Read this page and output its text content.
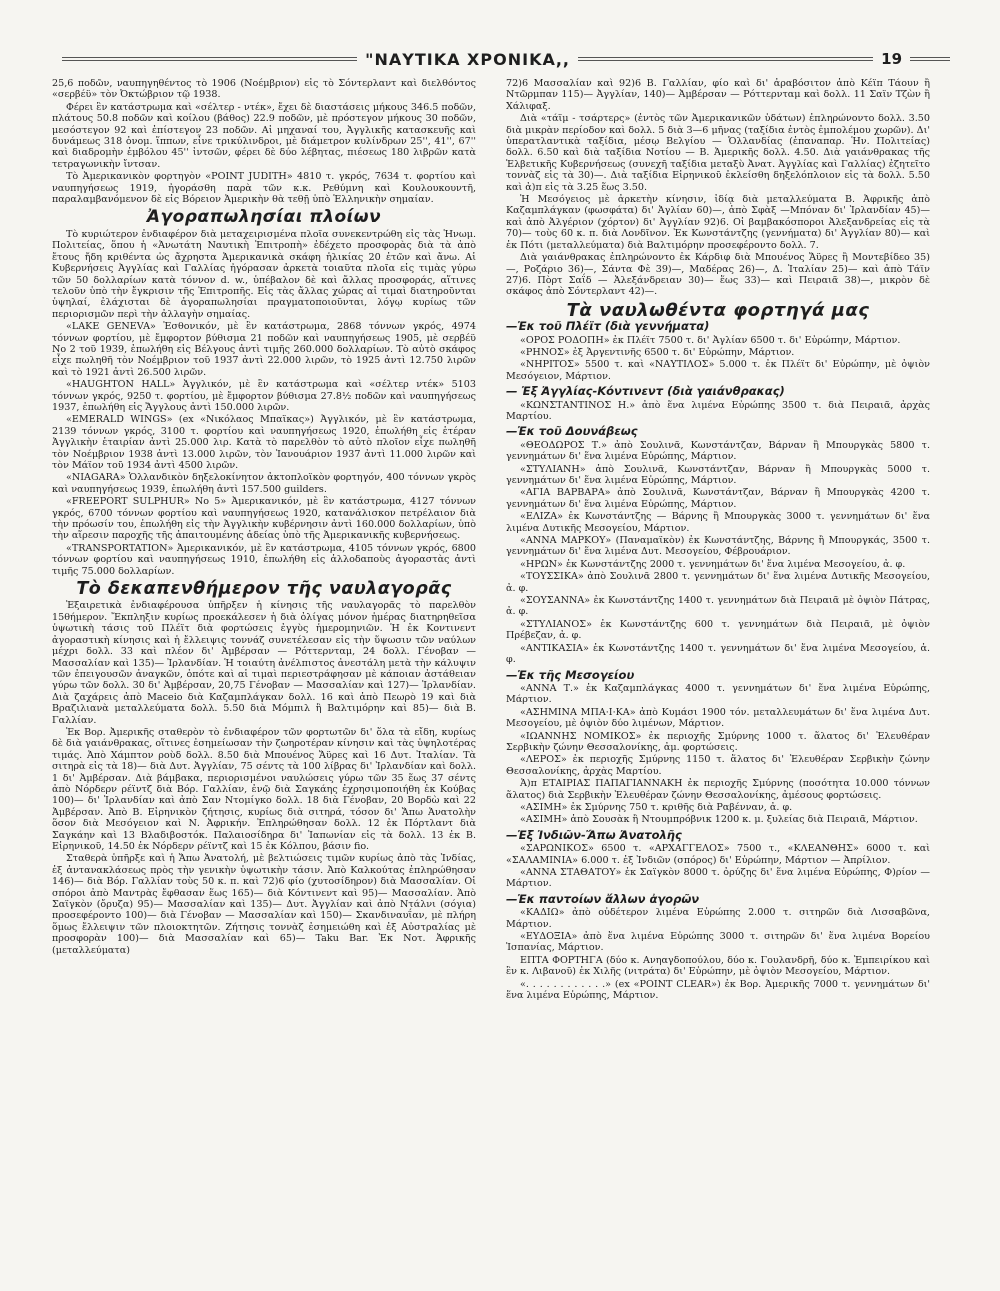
"ΝΑΥΤΙΚΑ ΧΡΟΝΙΚΑ,,	19

25,6 ποδῶν, ναυπηγηθέντος τὸ 1906 (Νοέμβριον) εἰς τὸ Σόντερλαντ καὶ διελθόντος «σερβέϋ» τὸν Ὀκτώβριον τῷ 1938.

Φέρει ἓν κατάστρωμα καὶ «σέλτερ - ντέκ», ἔχει δὲ διαστάσεις μήκους 346.5 ποδῶν, πλάτους 50.8 ποδῶν καὶ κοίλου (βάθος) 22.9 ποδῶν, μὲ πρόστεγον μήκους 30 ποδῶν, μεσόστεγον 92 καὶ ἐπίστεγον 23 ποδῶν. Αἱ μηχαναί του, Ἀγγλικῆς κατασκευῆς καὶ δυνάμεως 318 ὀνομ. ἵππων, εἶνε τρικύλινδροι, μὲ διάμετρον κυλίνδρων 25'', 41'', 67'' καὶ διαδρομὴν ἐμβόλου 45'' ἰντσῶν, φέρει δὲ δύο λέβητας, πιέσεως 180 λιβρῶν κατὰ τετραγωνικὴν ἴντσαν.

Τὸ Ἀμερικανικὸν φορτηγὸν «POINT JUDITH» 4810 τ. γκρός, 7634 τ. φορτίου καὶ ναυπηγήσεως 1919, ἠγοράσθη παρὰ τῶν κ.κ. Ρεθύμνη καὶ Κουλουκουντῆ, παραλαμβανόμενον δὲ εἰς Βόρειον Ἀμερικὴν θὰ τεθῇ ὑπὸ Ἑλληνικὴν σημαίαν.

Ἀγοραπωλησίαι πλοίων

Τὸ κυριώτερον ἐνδιαφέρον διὰ μεταχειρισμένα πλοῖα συνεκεντρώθη εἰς τὰς Ἡνωμ. Πολιτείας, ὅπου ἡ «Ἀνωτάτη Ναυτικὴ Ἐπιτροπὴ» ἐδέχετο προσφορὰς διὰ τὰ ἀπὸ ἔτους ἤδη κριθέντα ὡς ἄχρηστα Ἀμερικανικὰ σκάφη ἡλικίας 20 ἐτῶν καὶ ἄνω. Αἱ Κυβερνήσεις Ἀγγλίας καὶ Γαλλίας ἠγόρασαν ἀρκετὰ τοιαῦτα πλοῖα εἰς τιμὰς γύρω τῶν 50 δολλαρίων κατὰ τόννον d. w., ὑπέβαλον δὲ καὶ ἄλλας προσφοράς, αἵτινες τελοῦν ὑπὸ τὴν ἔγκρισιν τῆς Ἐπιτροπῆς. Εἰς τὰς ἄλλας χώρας αἱ τιμαὶ διατηροῦνται ὑψηλαί, ἐλάχισται δὲ ἀγοραπωλησίαι πραγματοποιοῦνται, λόγῳ κυρίως τῶν περιορισμῶν περὶ τὴν ἀλλαγὴν σημαίας.

«LAKE GENEVA» Ἐσθονικόν, μὲ ἓν κατάστρωμα, 2868 τόννων γκρός, 4974 τόννων φορτίου, μὲ ἔμφορτον βύθισμα 21 ποδῶν καὶ ναυπηγήσεως 1905, μὲ σερβέϋ Νο 2 τοῦ 1939, ἐπωλήθη εἰς Βέλγους ἀντὶ τιμῆς 260.000 δολλαρίων. Τὸ αὐτὸ σκάφος εἶχε πωληθῆ τὸν Νοέμβριον τοῦ 1937 ἀντὶ 22.000 λιρῶν, τὸ 1925 ἀντὶ 12.750 λιρῶν καὶ τὸ 1921 ἀντὶ 26.500 λιρῶν.

«HAUGHTON HALL» Ἀγγλικόν, μὲ ἓν κατάστρωμα καὶ «σέλτερ ντέκ» 5103 τόννων γκρός, 9250 τ. φορτίου, μὲ ἔμφορτον βύθισμα 27.8½ ποδῶν καὶ ναυπηγήσεως 1937, ἐπωλήθη εἰς Ἄγγλους ἀντὶ 150.000 λιρῶν.

«EMERALD WINGS» (ex «Νικόλαος Μπαϊκας») Ἀγγλικόν, μὲ ἓν κατάστρωμα, 2139 τόννων γκρός, 3100 τ. φορτίου καὶ ναυπηγήσεως 1920, ἐπωλήθη εἰς ἑτέραν Ἀγγλικὴν ἑταιρίαν ἀντὶ 25.000 λιρ. Κατὰ τὸ παρελθὸν τὸ αὐτὸ πλοῖον εἶχε πωληθῆ τὸν Νοέμβριον 1938 ἀντὶ 13.000 λιρῶν, τὸν Ἰανουάριον 1937 ἀντὶ 11.000 λιρῶν καὶ τὸν Μάϊον τοῦ 1934 ἀντὶ 4500 λιρῶν.

«NIAGARA» Ὁλλανδικὸν δηξελοκίνητον ἀκτοπλοϊκὸν φορτηγόν, 400 τόννων γκρὸς καὶ ναυπηγήσεως 1939, ἐπωλήθη ἀντὶ 157.500 guilders.

«FREEPORT SULPHUR» Νο 5» Ἀμερικανικόν, μὲ ἓν κατάστρωμα, 4127 τόννων γκρός, 6700 τόννων φορτίου καὶ ναυπηγήσεως 1920, κατανάλισκον πετρέλαιον διὰ τὴν πρόωσίν του, ἐπωλήθη εἰς τὴν Ἀγγλικὴν κυβέρνησιν ἀντὶ 160.000 δολλαρίων, ὑπὸ τὴν αἵρεσιν παροχῆς τῆς ἀπαιτουμένης ἀδείας ὑπὸ τῆς Ἀμερικανικῆς κυβερνήσεως.

«TRANSPORTATION» Ἀμερικανικόν, μὲ ἓν κατάστρωμα, 4105 τόννων γκρός, 6800 τόννων φορτίου καὶ ναυπηγήσεως 1910, ἐπωλήθη εἰς ἀλλοδαποὺς ἀγοραστὰς ἀντὶ τιμῆς 75.000 δολλαρίων.

Τὸ δεκαπενθήμερον τῆς ναυλαγορᾶς

Ἐξαιρετικὰ ἐνδιαφέρουσα ὑπῆρξεν ἡ κίνησις τῆς ναυλαγορᾶς τὸ παρελθὸν 15θήμερον. Ἔκπληξιν κυρίως προεκάλεσεν ἡ διὰ ὀλίγας μόνον ἡμέρας διατηρηθεῖσα ὑψωτικὴ τάσις τοῦ Πλέϊτ διὰ φορτώσεις ἐγγὺς ἡμερομηνιῶν. Ἡ ἐκ Κοντινεντ ἀγοραστικὴ κίνησις καὶ ἡ ἔλλειψις τοννάζ συνετέλεσαν εἰς τὴν ὕψωσιν τῶν ναύλων μέχρι δολλ. 33 καὶ πλέον δι' Ἀμβέρσαν — Ρόττερνταμ, 24 δολλ. Γένοβαν — Μασσαλίαν καὶ 135)— Ἰρλανδίαν. Ἡ τοιαύτη ἀνέλπιστος ἀνεστάλη μετὰ τὴν κάλυψιν τῶν ἐπειγουσῶν ἀναγκῶν, ὁπότε καὶ αἱ τιμαὶ περιεστράφησαν μὲ κάποιαν ἀστάθειαν γύρω τῶν δολλ. 30 δι' Ἀμβέρσαν, 20,75 Γένοβαν — Μασσαλίαν καὶ 127)— Ἰρλανδίαν. Διὰ ζαχάρεις ἀπὸ Maceio διὰ Καζαμπλάγκαν δολλ. 16 καὶ ἀπὸ Πεωρὸ 19 καὶ διὰ Βραζιλιανὰ μεταλλεύματα δολλ. 5.50 διὰ Μόμπιλ ἢ Βαλτιμόρην καὶ 85)— διὰ Β. Γαλλίαν.

Ἐκ Βορ. Ἀμερικῆς σταθερὸν τὸ ἐνδιαφέρον τῶν φορτωτῶν δι' ὅλα τὰ εἴδη, κυρίως δὲ διὰ γαιάνθρακας, οἵτινες ἐσημείωσαν τὴν ζωηροτέραν κίνησιν καὶ τὰς ὑψηλοτέρας τιμάς. Ἀπὸ Χάμπτον ροὺδ δολλ. 8.50 διὰ Μπουένος Ἄϋρες καὶ 16 Δυτ. Ἰταλίαν. Τὰ σιτηρὰ εἰς τὰ 18)— διὰ Δυτ. Ἀγγλίαν, 75 σέντς τὰ 100 λίβρας δι' Ἰρλανδίαν καὶ δολλ. 1 δι' Ἀμβέρσαν. Διὰ βάμβακα, περιορισμένοι ναυλώσεις γύρω τῶν 35 ἕως 37 σέντς ἀπὸ Νόρδερν ρέϊντζ διὰ Βόρ. Γαλλίαν, ἐνῷ διὰ Σαγκάης ἐχρησιμοποιήθη ἐκ Κούβας 100)— δι' Ἰρλανδίαν καὶ ἀπὸ Σαν Ντομίγκο δολλ. 18 διὰ Γένοβαν, 20 Βορδὼ καὶ 22 Ἀμβέρσαν. Ἀπὸ Β. Εἰρηνικὸν ζήτησις, κυρίως διὰ σιτηρά, τόσον δι' Ἄπω Ἀνατολὴν ὅσον διὰ Μεσόγειον καὶ Ν. Ἀφρικήν. Ἐπληρώθησαν δολλ. 12 ἐκ Πόρτλαντ διὰ Σαγκάην καὶ 13 Βλαδιβοστόκ. Παλαιοσίδηρα δι' Ἰαπωνίαν εἰς τὰ δολλ. 13 ἐκ Β. Εἰρηνικοῦ, 14.50 ἐκ Νόρδερν ρέϊντζ καὶ 15 ἐκ Κόλπου, βάσιν fio.

Σταθερὰ ὑπῆρξε καὶ ἡ Ἄπω Ἀνατολή, μὲ βελτιώσεις τιμῶν κυρίως ἀπὸ τὰς Ἰνδίας, ἐξ ἀντανακλάσεως πρὸς τὴν γενικὴν ὑψωτικὴν τάσιν. Ἀπὸ Καλκούτας ἐπληρώθησαν 146)— διὰ Βόρ. Γαλλίαν τοὺς 50 κ. π. καὶ 72)6 φίο (χυτοσίδηρον) διὰ Μασσαλίαν. Οἱ σπόροι ἀπὸ Μαντρὰς ἔφθασαν ἕως 165)— διὰ Κόντινεντ καὶ 95)— Μασσαλίαν. Ἀπὸ Σαϊγκὸν (ὄρυζα) 95)— Μασσαλίαν καὶ 135)— Δυτ. Ἀγγλίαν καὶ ἀπὸ Ντάλνι (σόγια) προσεφέροντο 100)— διὰ Γένοβαν — Μασσαλίαν καὶ 150)— Σκανδιναυΐαν, μὲ πλήρη ὅμως ἔλλειψιν τῶν πλοιοκτητῶν. Ζήτησις τοννὰζ ἐσημειώθη καὶ ἐξ Αὐστραλίας μὲ προσφορὰν 100)— διὰ Μασσαλίαν καὶ 65)— Taku Bar. Ἐκ Νοτ. Ἀφρικῆς (μεταλλεύματα)

72)6 Μασσαλίαν καὶ 92)6 Β. Γαλλίαν, φίο καὶ δι' ἀραβόσιτον ἀπὸ Κέϊπ Τάουν ἢ Ντῶρμπαν 115)— Ἀγγλίαν, 140)— Ἀμβέρσαν — Ρόττερνταμ καὶ δολλ. 11 Σαϊν Τζὼν ἢ Χάλιφαξ.

Διὰ «τάϊμ - τσάρτερς» (ἐντὸς τῶν Ἀμερικανικῶν ὑδάτων) ἐπληρώνοντο δολλ. 3.50 διὰ μικρὰν περίοδον καὶ δολλ. 5 διὰ 3—6 μῆνας (ταξίδια ἐντὸς ἐμπολέμου χωρῶν). Δι' ὑπερατλαντικὰ ταξίδια, μέσῳ Βελγίου — Ὁλλανδίας (ἐπαναπαρ. Ἡν. Πολιτείας) δολλ. 6.50 καὶ διὰ ταξίδια Νοτίου — Β. Ἀμερικῆς δολλ. 4.50. Διὰ γαιάνθρακας τῆς Ἑλβετικῆς Κυβερνήσεως (συνεχῆ ταξίδια μεταξὺ Ἀνατ. Ἀγγλίας καὶ Γαλλίας) ἐζητεῖτο τοννὰζ εἰς τὰ 30)—. Διὰ ταξίδια Εἰρηνικοῦ ἐκλείσθη δηξελόπλοιον εἰς τὰ δολλ. 5.50 καὶ ἀ)π εἰς τὰ 3.25 ἕως 3.50.

Ἡ Μεσόγειος μὲ ἀρκετὴν κίνησιν, ἰδίᾳ διὰ μεταλλεύματα Β. Ἀφρικῆς ἀπὸ Καζαμπλάγκαν (φωσφάτα) δι' Ἀγλίαν 60)—, ἀπὸ Σφὰξ —Μπόναν δι' Ἰρλανδίαν 45)— καὶ ἀπὸ Ἀλγέριον (χόρτον) δι' Ἀγγλίαν 92)6. Οἱ βαμβακόσποροι Ἀλεξανδρείας εἰς τὰ 70)— τοὺς 60 κ. π. διὰ Λονδῖνον. Ἐκ Κωνστάντζης (γεννήματα) δι' Ἀγγλίαν 80)— καὶ ἐκ Πότι (μεταλλεύματα) διὰ Βαλτιμόρην προσεφέροντο δολλ. 7.

Διὰ γαιάνθρακας ἐπληρώνοντο ἐκ Κάρδιφ διὰ Μπουένος Ἄϋρες ἢ Μοντεβίδεο 35)—, Ροζάριο 36)—, Σάντα Φὲ 39)—, Μαδέρας 26)—, Δ. Ἰταλίαν 25)— καὶ ἀπὸ Τάϊν 27)6. Πὸρτ Σαΐδ — Ἀλεξάνδρειαν 30)— ἕως 33)— καὶ Πειραιᾶ 38)—, μικρὸν δὲ σκάφος ἀπὸ Σόντερλαντ 42)—.

Τὰ ναυλωθέντα φορτηγά μας
—Ἐκ τοῦ Πλέϊτ (διὰ γεννήματα)

«ΟΡΟΣ ΡΟΔΟΠΗ» ἐκ Πλέϊτ 7500 τ. δι' Ἀγλίαν 6500 τ. δι' Εὐρώπην, Μάρτιον.

«ΡΗΝΟΣ» ἐξ Ἀργεντινῆς 6500 τ. δι' Εὐρώπην, Μάρτιον.

«ΝΗΡΙΤΟΣ» 5500 τ. καὶ «ΝΑΥΤΙΛΟΣ» 5.000 τ. ἐκ Πλέϊτ δι' Εὐρώπην, μὲ ὀψιὸν Μεσόγειον, Μάρτιον.

— Ἐξ Ἀγγλίας-Κόντινεντ (διὰ γαιάνθρακας)

«ΚΩΝΣΤΑΝΤΙΝΟΣ Η.» ἀπὸ ἕνα λιμένα Εὐρώπης 3500 τ. διὰ Πειραιᾶ, ἀρχὰς Μαρτίου.

—Ἐκ τοῦ Δουνάβεως

«ΘΕΟΔΩΡΟΣ Τ.» ἀπὸ Σουλινᾶ, Κωνστάντζαν, Βάρναν ἢ Μπουργκὰς 5800 τ. γεννημάτων δι' ἕνα λιμένα Εὐρώπης, Μάρτιον.

«ΣΤΥΛΙΑΝΗ» ἀπὸ Σουλινᾶ, Κωνστάντζαν, Βάρναν ἢ Μπουργκὰς 5000 τ. γεννημάτων δι' ἕνα λιμένα Εὐρώπης, Μάρτιον.

«ΑΓΙΑ ΒΑΡΒΑΡΑ» ἀπὸ Σουλινᾶ, Κωνστάντζαν, Βάρναν ἢ Μπουργκὰς 4200 τ. γεννημάτων δι' ἕνα λιμένα Εὐρώπης, Μάρτιον.

«ΕΛΙΖΑ» ἐκ Κωνστάντζης — Βάρνης ἢ Μπουργκὰς 3000 τ. γεννημάτων δι' ἕνα λιμένα Δυτικῆς Μεσογείου, Μάρτιον.

«ΑΝΝΑ ΜΑΡΚΟΥ» (Παναμαϊκὸν) ἐκ Κωνστάντζης, Βάρνης ἢ Μπουργκάς, 3500 τ. γεννημάτων δι' ἕνα λιμένα Δυτ. Μεσογείου, Φέβρουάριον.

«ΗΡΩΝ» ἐκ Κωνστάντζης 2000 τ. γεννημάτων δι' ἕνα λιμένα Μεσογείου, ἀ. φ.

«ΤΟΥΣΣΙΚΑ» ἀπὸ Σουλινᾶ 2800 τ. γεννημάτων δι' ἕνα λιμένα Δυτικῆς Μεσογείου, ἀ. φ.

«ΣΟΥΣΑΝΝΑ» ἐκ Κωνστάντζης 1400 τ. γεννημάτων διὰ Πειραιᾶ μὲ ὀψιὸν Πάτρας, ἀ. φ.

«ΣΤΥΛΙΑΝΟΣ» ἐκ Κωνστάντζης 600 τ. γεννημάτων διὰ Πειραιᾶ, μὲ ὀψιὸν Πρέβεζαν, ἀ. φ.

«ΑΝΤΙΚΑΣΙΑ» ἐκ Κωνστάντζης 1400 τ. γεννημάτων δι' ἕνα λιμένα Μεσογείου, ἀ. φ.

—Ἐκ τῆς Μεσογείου

«ΑΝΝΑ Τ.» ἐκ Καζαμπλάγκας 4000 τ. γεννημάτων δι' ἕνα λιμένα Εὐρώπης, Μάρτιον.

«ΑΣΗΜΙΝΑ ΜΠΑ·Ι·ΚΑ» ἀπὸ Κυμάσι 1900 τόν. μεταλλευμάτων δι' ἕνα λιμένα Δυτ. Μεσογείου, μὲ ὀψιὸν δύο λιμένων, Μάρτιον.

«ΙΩΑΝΝΗΣ ΝΟΜΙΚΟΣ» ἐκ περιοχῆς Σμύρνης 1000 τ. ἅλατος δι' Ἐλευθέραν Σερβικὴν ζώνην Θεσσαλονίκης, ἀμ. φορτώσεις.

«ΛΕΡΟΣ» ἐκ περιοχῆς Σμύρνης 1150 τ. ἅλατος δι' Ἐλευθέραν Σερβικὴν ζώνην Θεσσαλονίκης, ἀρχὰς Μαρτίου.

Ἀ)π ΕΤΑΙΡΙΑΣ ΠΑΠΑΓΙΑΝΝΑΚΗ ἐκ περιοχῆς Σμύρνης (ποσότητα 10.000 τόννων ἅλατος) διὰ Σερβικὴν Ἐλευθέραν ζώνην Θεσσαλονίκης, ἀμέσους φορτώσεις.

«ΑΣΙΜΗ» ἐκ Σμύρνης 750 τ. κριθῆς διὰ Ραβένναν, ἀ. φ.

«ΑΣΙΜΗ» ἀπὸ Σουσὰκ ἢ Ντουμπρόβνικ 1200 κ. μ. ξυλείας διὰ Πειραιᾶ, Μάρτιον.

—Ἐξ Ἰνδιῶν-Ἄπω Ἀνατολῆς

«ΣΑΡΩΝΙΚΟΣ» 6500 τ. «ΑΡΧΑΓΓΕΛΟΣ» 7500 τ., «ΚΛΕΑΝΘΗΣ» 6000 τ. καὶ «ΣΑΛΑΜΙΝΙΑ» 6.000 τ. ἐξ Ἰνδιῶν (σπόρος) δι' Εὐρώπην, Μάρτιον — Ἀπρίλιον.

«ΑΝΝΑ ΣΤΑΘΑΤΟΥ» ἐκ Σαϊγκὸν 8000 τ. ὀρύζης δι' ἕνα λιμένα Εὐρώπης, Φ)ρίον — Μάρτιον.

—Ἐκ παντοίων ἄλλων ἀγορῶν

«ΚΑΔΙΩ» ἀπὸ οὐδέτερον λιμένα Εὐρώπης 2.000 τ. σιτηρῶν διὰ Λισσαβῶνα, Μάρτιον.

«ΕΥΔΟΞΙΑ» ἀπὸ ἕνα λιμένα Εὐρώπης 3000 τ. σιτηρῶν δι' ἕνα λιμένα Βορείου Ἰσπανίας, Μάρτιον.

ΕΠΤΑ ΦΟΡΤΗΓΑ (δύο κ. Ανηαγδοπούλου, δύο κ. Γουλανδρῆ, δύο κ. Ἐμπειρίκου καὶ ἓν κ. Λιβανοῦ) ἐκ Χιλῆς (νιτράτα) δι' Εὐρώπην, μὲ ὀψιὸν Μεσογείου, Μάρτιον.

«. . . . . . . . . . . .» (ex «POINT CLEAR») ἐκ Βορ. Ἀμερικῆς 7000 τ. γεννημάτων δι' ἕνα λιμένα Εὐρώπης, Μάρτιον.
